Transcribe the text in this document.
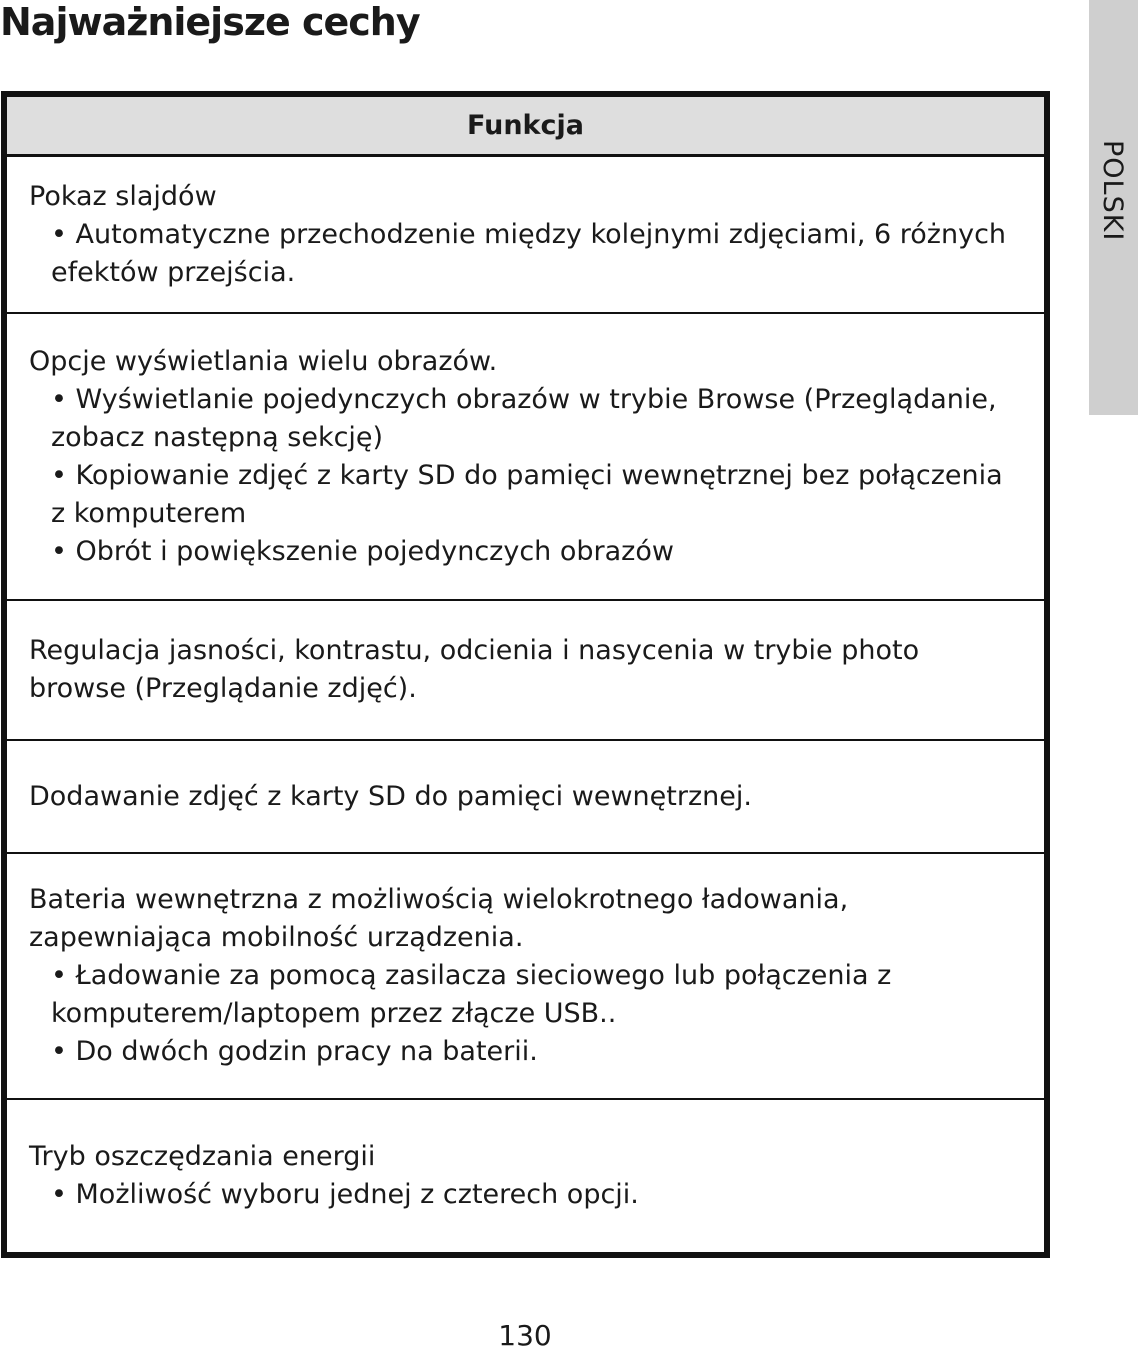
Najważniejsze cechy
POLSKI
Funkcja
Pokaz slajdów
• Automatyczne przechodzenie między kolejnymi zdjęciami, 6 różnych efektów przejścia.
Opcje wyświetlania wielu obrazów.
• Wyświetlanie pojedynczych obrazów w trybie Browse (Przeglądanie, zobacz następną sekcję)
• Kopiowanie zdjęć z karty SD do pamięci wewnętrznej bez połączenia z komputerem
• Obrót i powiększenie pojedynczych obrazów
Regulacja jasności, kontrastu, odcienia i nasycenia w trybie photo browse (Przeglądanie zdjęć).
Dodawanie zdjęć z karty SD do pamięci wewnętrznej.
Bateria wewnętrzna z możliwością wielokrotnego ładowania, zapewniająca mobilność urządzenia.
• Ładowanie za pomocą zasilacza sieciowego lub połączenia z komputerem/laptopem przez złącze USB..
• Do dwóch godzin pracy na baterii.
Tryb oszczędzania energii
• Możliwość wyboru jednej z czterech opcji.
130
